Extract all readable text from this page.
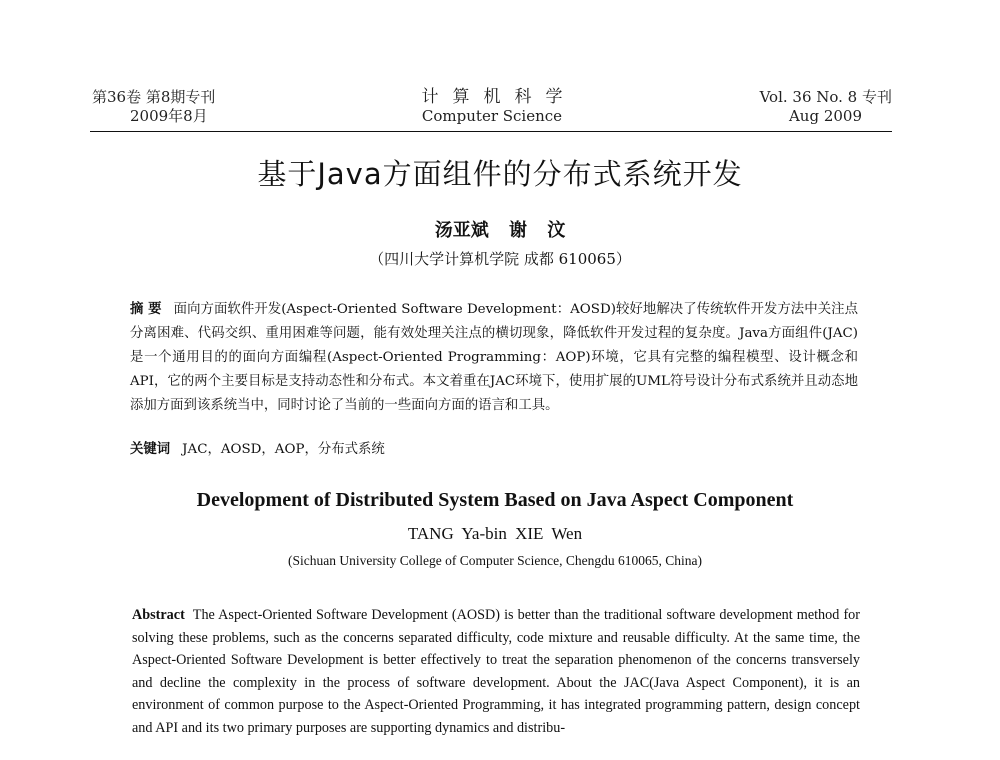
第36卷 第8期专刊
2009年8月
计算机科学
Computer Science
Vol. 36 No. 8 专刊
Aug 2009
基于Java方面组件的分布式系统开发
汤亚斌 谢 汶
（四川大学计算机学院 成都 610065）
摘 要 面向方面软件开发(Aspect-Oriented Software Development：AOSD)较好地解决了传统软件开发方法中关注点分离困难、代码交织、重用困难等问题，能有效处理关注点的横切现象，降低软件开发过程的复杂度。Java方面组件(JAC)是一个通用目的的面向方面编程(Aspect-Oriented Programming：AOP)环境，它具有完整的编程模型、设计概念和API，它的两个主要目标是支持动态性和分布式。本文着重在JAC环境下，使用扩展的UML符号设计分布式系统并且动态地添加方面到该系统当中，同时讨论了当前的一些面向方面的语言和工具。
关键词 JAC，AOSD，AOP，分布式系统
Development of Distributed System Based on Java Aspect Component
TANG Ya-bin XIE Wen
(Sichuan University College of Computer Science, Chengdu 610065, China)
Abstract The Aspect-Oriented Software Development (AOSD) is better than the traditional software development method for solving these problems, such as the concerns separated difficulty, code mixture and reusable difficulty. At the same time, the Aspect-Oriented Software Development is better effectively to treat the separation phenomenon of the concerns transversely and decline the complexity in the process of software development. About the JAC(Java Aspect Component), it is an environment of common purpose to the Aspect-Oriented Programming, it has integrated programming pattern, design concept and API and its two primary purposes are supporting dynamics and distribu-
